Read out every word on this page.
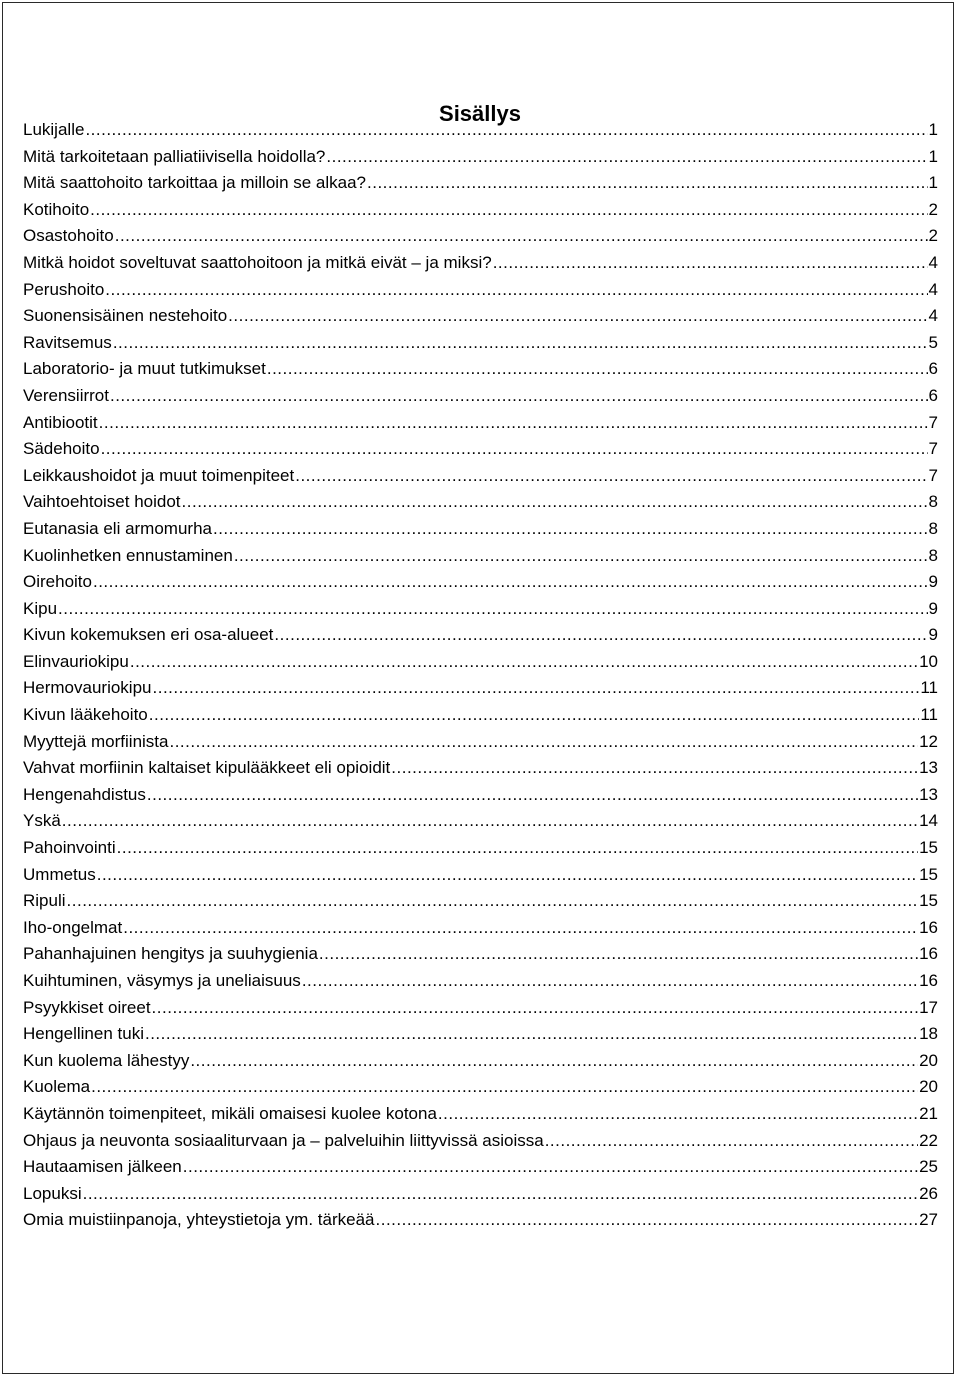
Sisällys
Lukijalle .....	1
Mitä tarkoitetaan palliatiivisella hoidolla? .....	1
Mitä saattohoito tarkoittaa ja milloin se alkaa? .....	1
Kotihoito .....	2
Osastohoito .....	2
Mitkä hoidot soveltuvat saattohoitoon ja mitkä eivät – ja miksi? .....	4
Perushoito .....	4
Suonensisäinen nestehoito .....	4
Ravitsemus .....	5
Laboratorio- ja muut tutkimukset .....	6
Verensiirrot .....	6
Antibiootit .....	7
Sädehoito .....	7
Leikkaushoidot ja muut toimenpiteet .....	7
Vaihtoehtoiset hoidot .....	8
Eutanasia eli armomurha .....	8
Kuolinhetken ennustaminen .....	8
Oirehoito .....	9
Kipu .....	9
Kivun kokemuksen eri osa-alueet .....	9
Elinvauriokipu .....	10
Hermovauriokipu .....	11
Kivun lääkehoito .....	11
Myyttejä morfiinista .....	12
Vahvat morfiinin kaltaiset kipulääkkeet eli opioidit .....	13
Hengenahdistus .....	13
Yskä .....	14
Pahoinvointi .....	15
Ummetus .....	15
Ripuli .....	15
Iho-ongelmat .....	16
Pahanhajuinen hengitys ja suuhygienia .....	16
Kuihtuminen, väsymys ja uneliaisuus .....	16
Psyykkiset oireet .....	17
Hengellinen tuki .....	18
Kun kuolema lähestyy .....	20
Kuolema .....	20
Käytännön toimenpiteet, mikäli omaisesi kuolee kotona .....	21
Ohjaus ja neuvonta sosiaaliturvaan ja – palveluihin liittyvissä asioissa .....	22
Hautaamisen jälkeen .....	25
Lopuksi .....	26
Omia muistiinpanoja, yhteystietoja ym. tärkeää .....	27
